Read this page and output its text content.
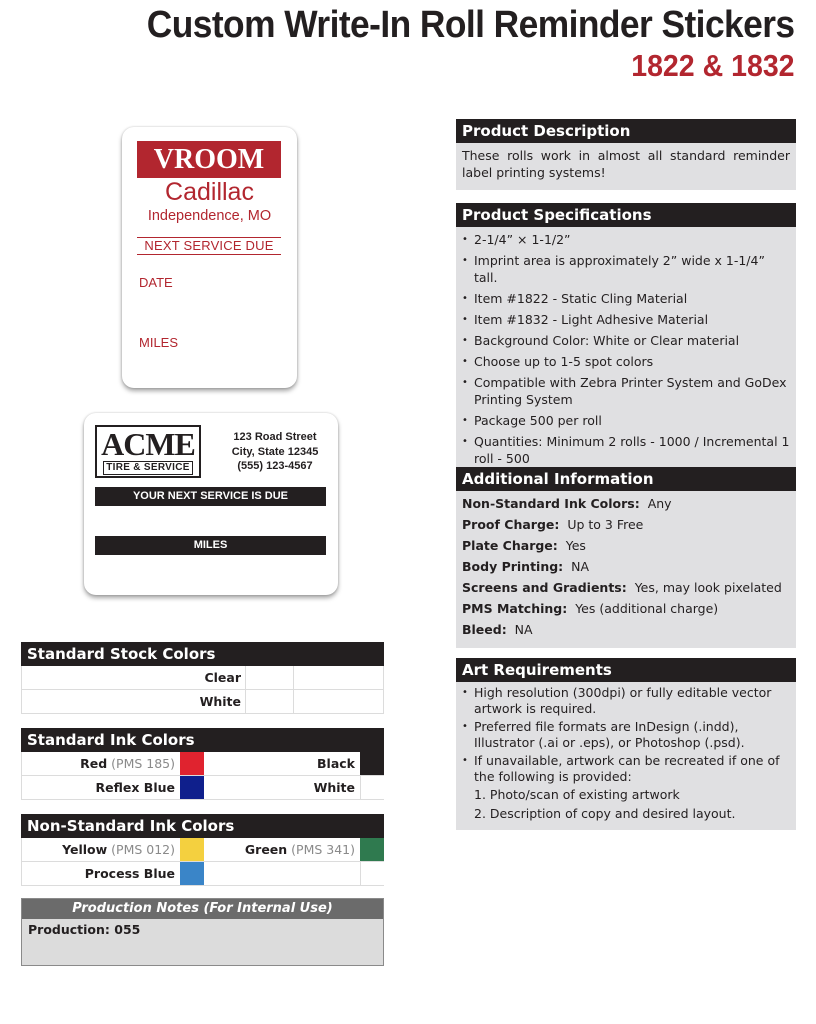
Custom Write-In Roll Reminder Stickers
1822 & 1832
VROOM
Cadillac
Independence, MO
NEXT SERVICE DUE
DATE
MILES
ACME
TIRE & SERVICE
123 Road Street
City, State 12345
(555) 123-4567
YOUR NEXT SERVICE IS DUE
MILES
Standard Stock Colors
Clear
White
Standard Ink Colors
Red (PMS 185)	Black
Reflex Blue	White
Non-Standard Ink Colors
Yellow (PMS 012)	Green (PMS 341)
Process Blue
Production Notes (For Internal Use)
Production: 055
Product Description
These rolls work in almost all standard reminder label printing systems!
Product Specifications
• 2-1/4” × 1-1/2”
• Imprint area is approximately 2” wide x 1-1/4” tall.
• Item #1822 - Static Cling Material
• Item #1832 - Light Adhesive Material
• Background Color: White or Clear material
• Choose up to 1-5 spot colors
• Compatible with Zebra Printer System and GoDex Printing System
• Package 500 per roll
• Quantities: Minimum 2 rolls - 1000 / Incremental 1 roll - 500
Additional Information
Non-Standard Ink Colors: Any
Proof Charge: Up to 3 Free
Plate Charge: Yes
Body Printing: NA
Screens and Gradients: Yes, may look pixelated
PMS Matching: Yes (additional charge)
Bleed: NA
Art Requirements
• High resolution (300dpi) or fully editable vector artwork is required.
• Preferred file formats are InDesign (.indd), Illustrator (.ai or .eps), or Photoshop (.psd).
• If unavailable, artwork can be recreated if one of the following is provided:
1. Photo/scan of existing artwork
2. Description of copy and desired layout.
